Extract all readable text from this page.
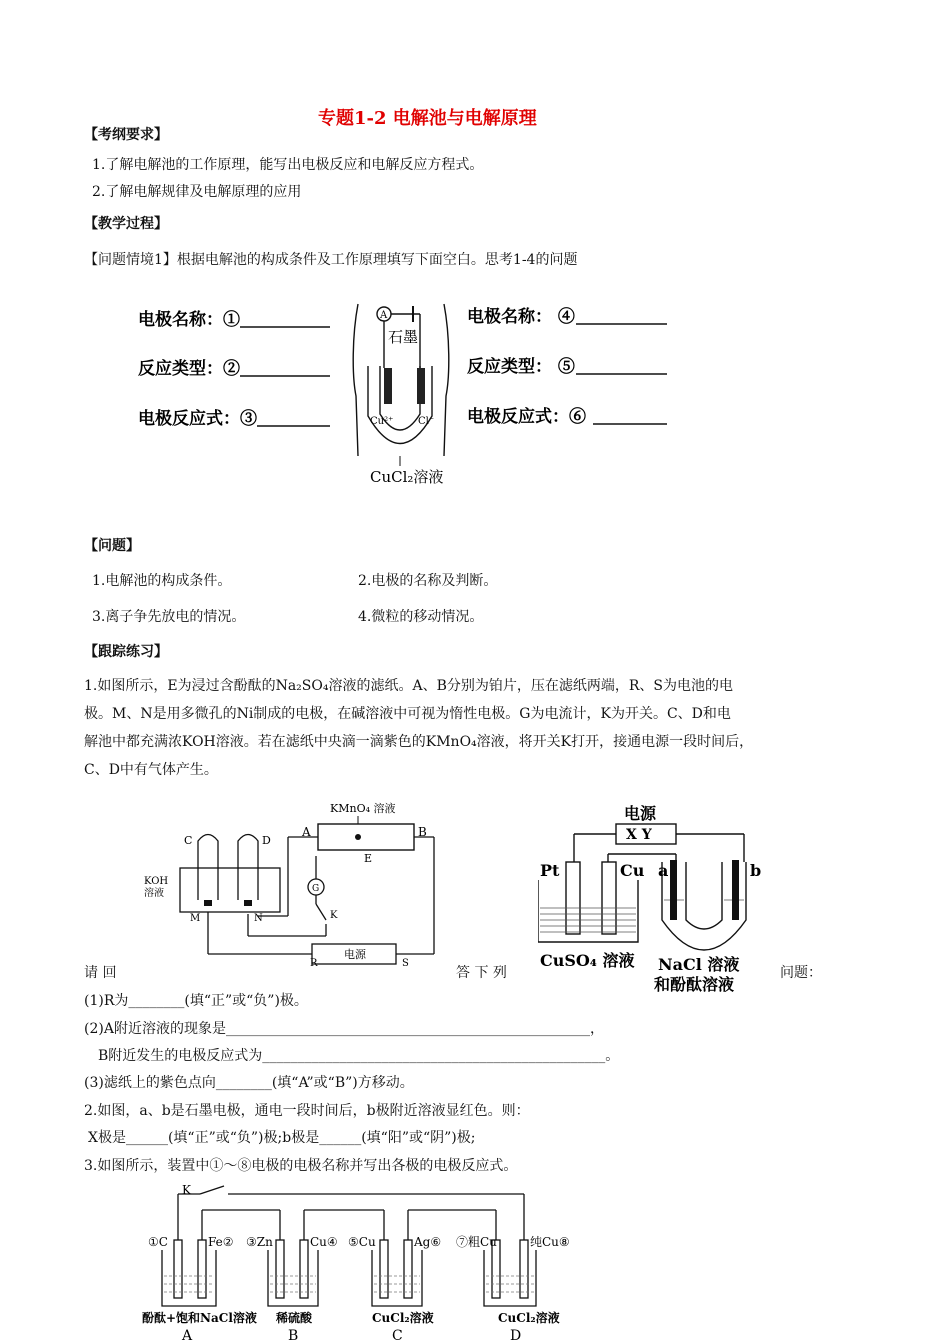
专题1-2 电解池与电解原理
【考纲要求】
1.了解电解池的工作原理，能写出电极反应和电解反应方程式。
2.了解电解规律及电解原理的应用
【教学过程】
【问题情境1】根据电解池的构成条件及工作原理填写下面空白。思考1-4的问题
电极名称：①
反应类型：②
电极反应式：③
电极名称： ④
反应类型： ⑤
电极反应式：⑥
A
石墨
Cu²⁺ Cl⁻
CuCl₂溶液
【问题】
1.电解池的构成条件。	2.电极的名称及判断。
3.离子争先放电的情况。	4.微粒的移动情况。
【跟踪练习】
1.如图所示，E为浸过含酚酞的Na₂SO₄溶液的滤纸。A、B分别为铂片，压在滤纸两端，R、S为电池的电
极。M、N是用多微孔的Ni制成的电极，在碱溶液中可视为惰性电极。G为电流计，K为开关。C、D和电
解池中都充满浓KOH溶液。若在滤纸中央滴一滴紫色的KMnO₄溶液，将开关K打开，接通电源一段时间后，
C、D中有气体产生。
KMnO₄ 溶液
A	B
E
C	D
KOH
溶液	G
K
M	N
电源
R	S
电源
X Y
Pt	Cu a	b
CuSO₄ 溶液 NaCl 溶液
和酚酞溶液
请 回	答 下 列	问题：
(1)R为________(填“正”或“负”)极。
(2)A附近溶液的现象是____________________________________________________，
B附近发生的电极反应式为_________________________________________________。
(3)滤纸上的紫色点向________(填“A”或“B”)方移动。
2.如图，a、b是石墨电极，通电一段时间后，b极附近溶液显红色。则：
X极是______(填“正”或“负”)极;b极是______(填“阳”或“阴”)极;
3.如图所示，装置中①～⑧电极的电极名称并写出各极的电极反应式。
K
①C	Fe② ③Zn	Cu④ ⑤Cu	Ag⑥ ⑦粗Cu	纯Cu⑧
酚酞+饱和NaCl溶液 稀硫酸	CuCl₂溶液	CuCl₂溶液
A	B	C	D
